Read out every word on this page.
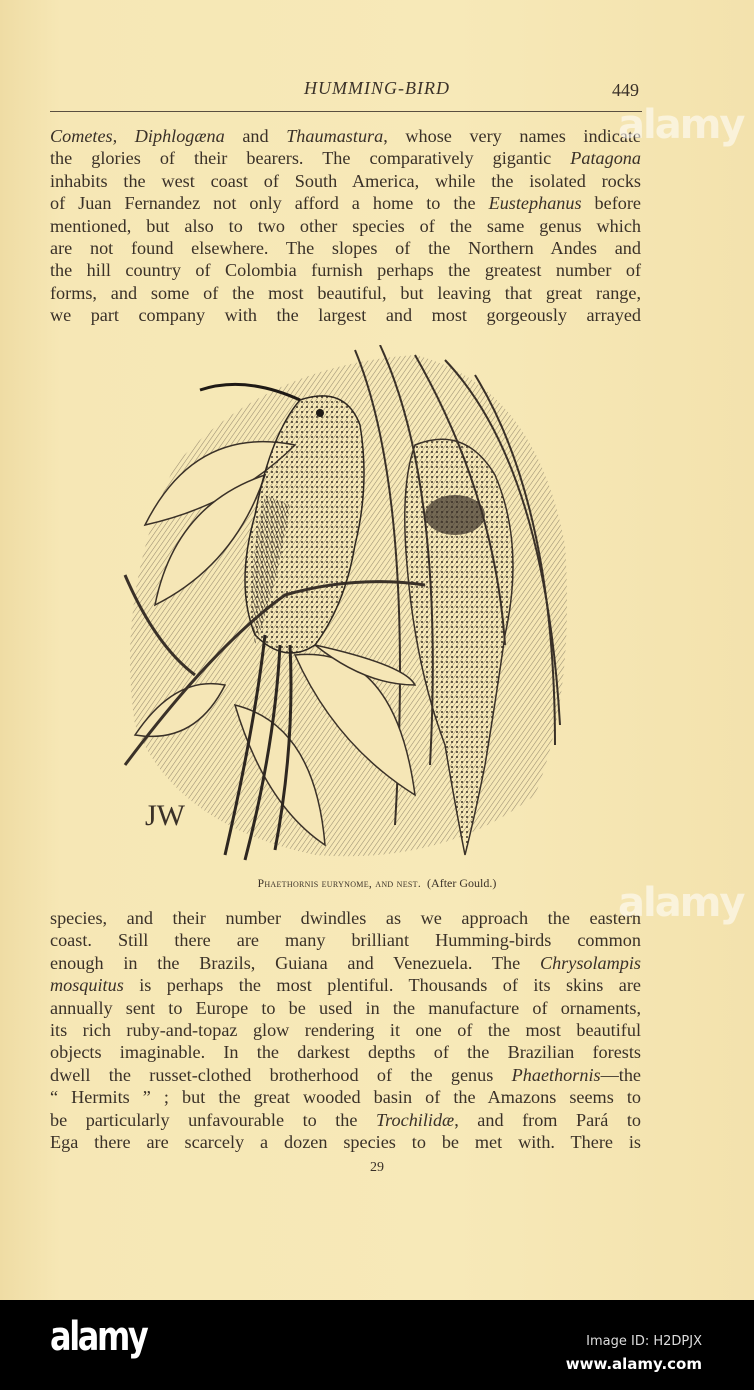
HUMMING-BIRD	449
Cometes, Diphlogæna and Thaumastura, whose very names indicate
the glories of their bearers. The comparatively gigantic Patagona
inhabits the west coast of South America, while the isolated rocks
of Juan Fernandez not only afford a home to the Eustephanus before
mentioned, but also to two other species of the same genus which
are not found elsewhere. The slopes of the Northern Andes and
the hill country of Colombia furnish perhaps the greatest number of
forms, and some of the most beautiful, but leaving that great range,
we part company with the largest and most gorgeously arrayed
JW
Phaethornis eurynome, and nest. (After Gould.)
species, and their number dwindles as we approach the eastern
coast. Still there are many brilliant Humming-birds common
enough in the Brazils, Guiana and Venezuela. The Chrysolampis
mosquitus is perhaps the most plentiful. Thousands of its skins are
annually sent to Europe to be used in the manufacture of ornaments,
its rich ruby-and-topaz glow rendering it one of the most beautiful
objects imaginable. In the darkest depths of the Brazilian forests
dwell the russet-clothed brotherhood of the genus Phaethornis—the
“ Hermits ” ; but the great wooded basin of the Amazons seems to
be particularly unfavourable to the Trochilidæ, and from Pará to
Ega there are scarcely a dozen species to be met with. There is
29
alamy
alamy
alamy	Image ID: H2DPJX
www.alamy.com
